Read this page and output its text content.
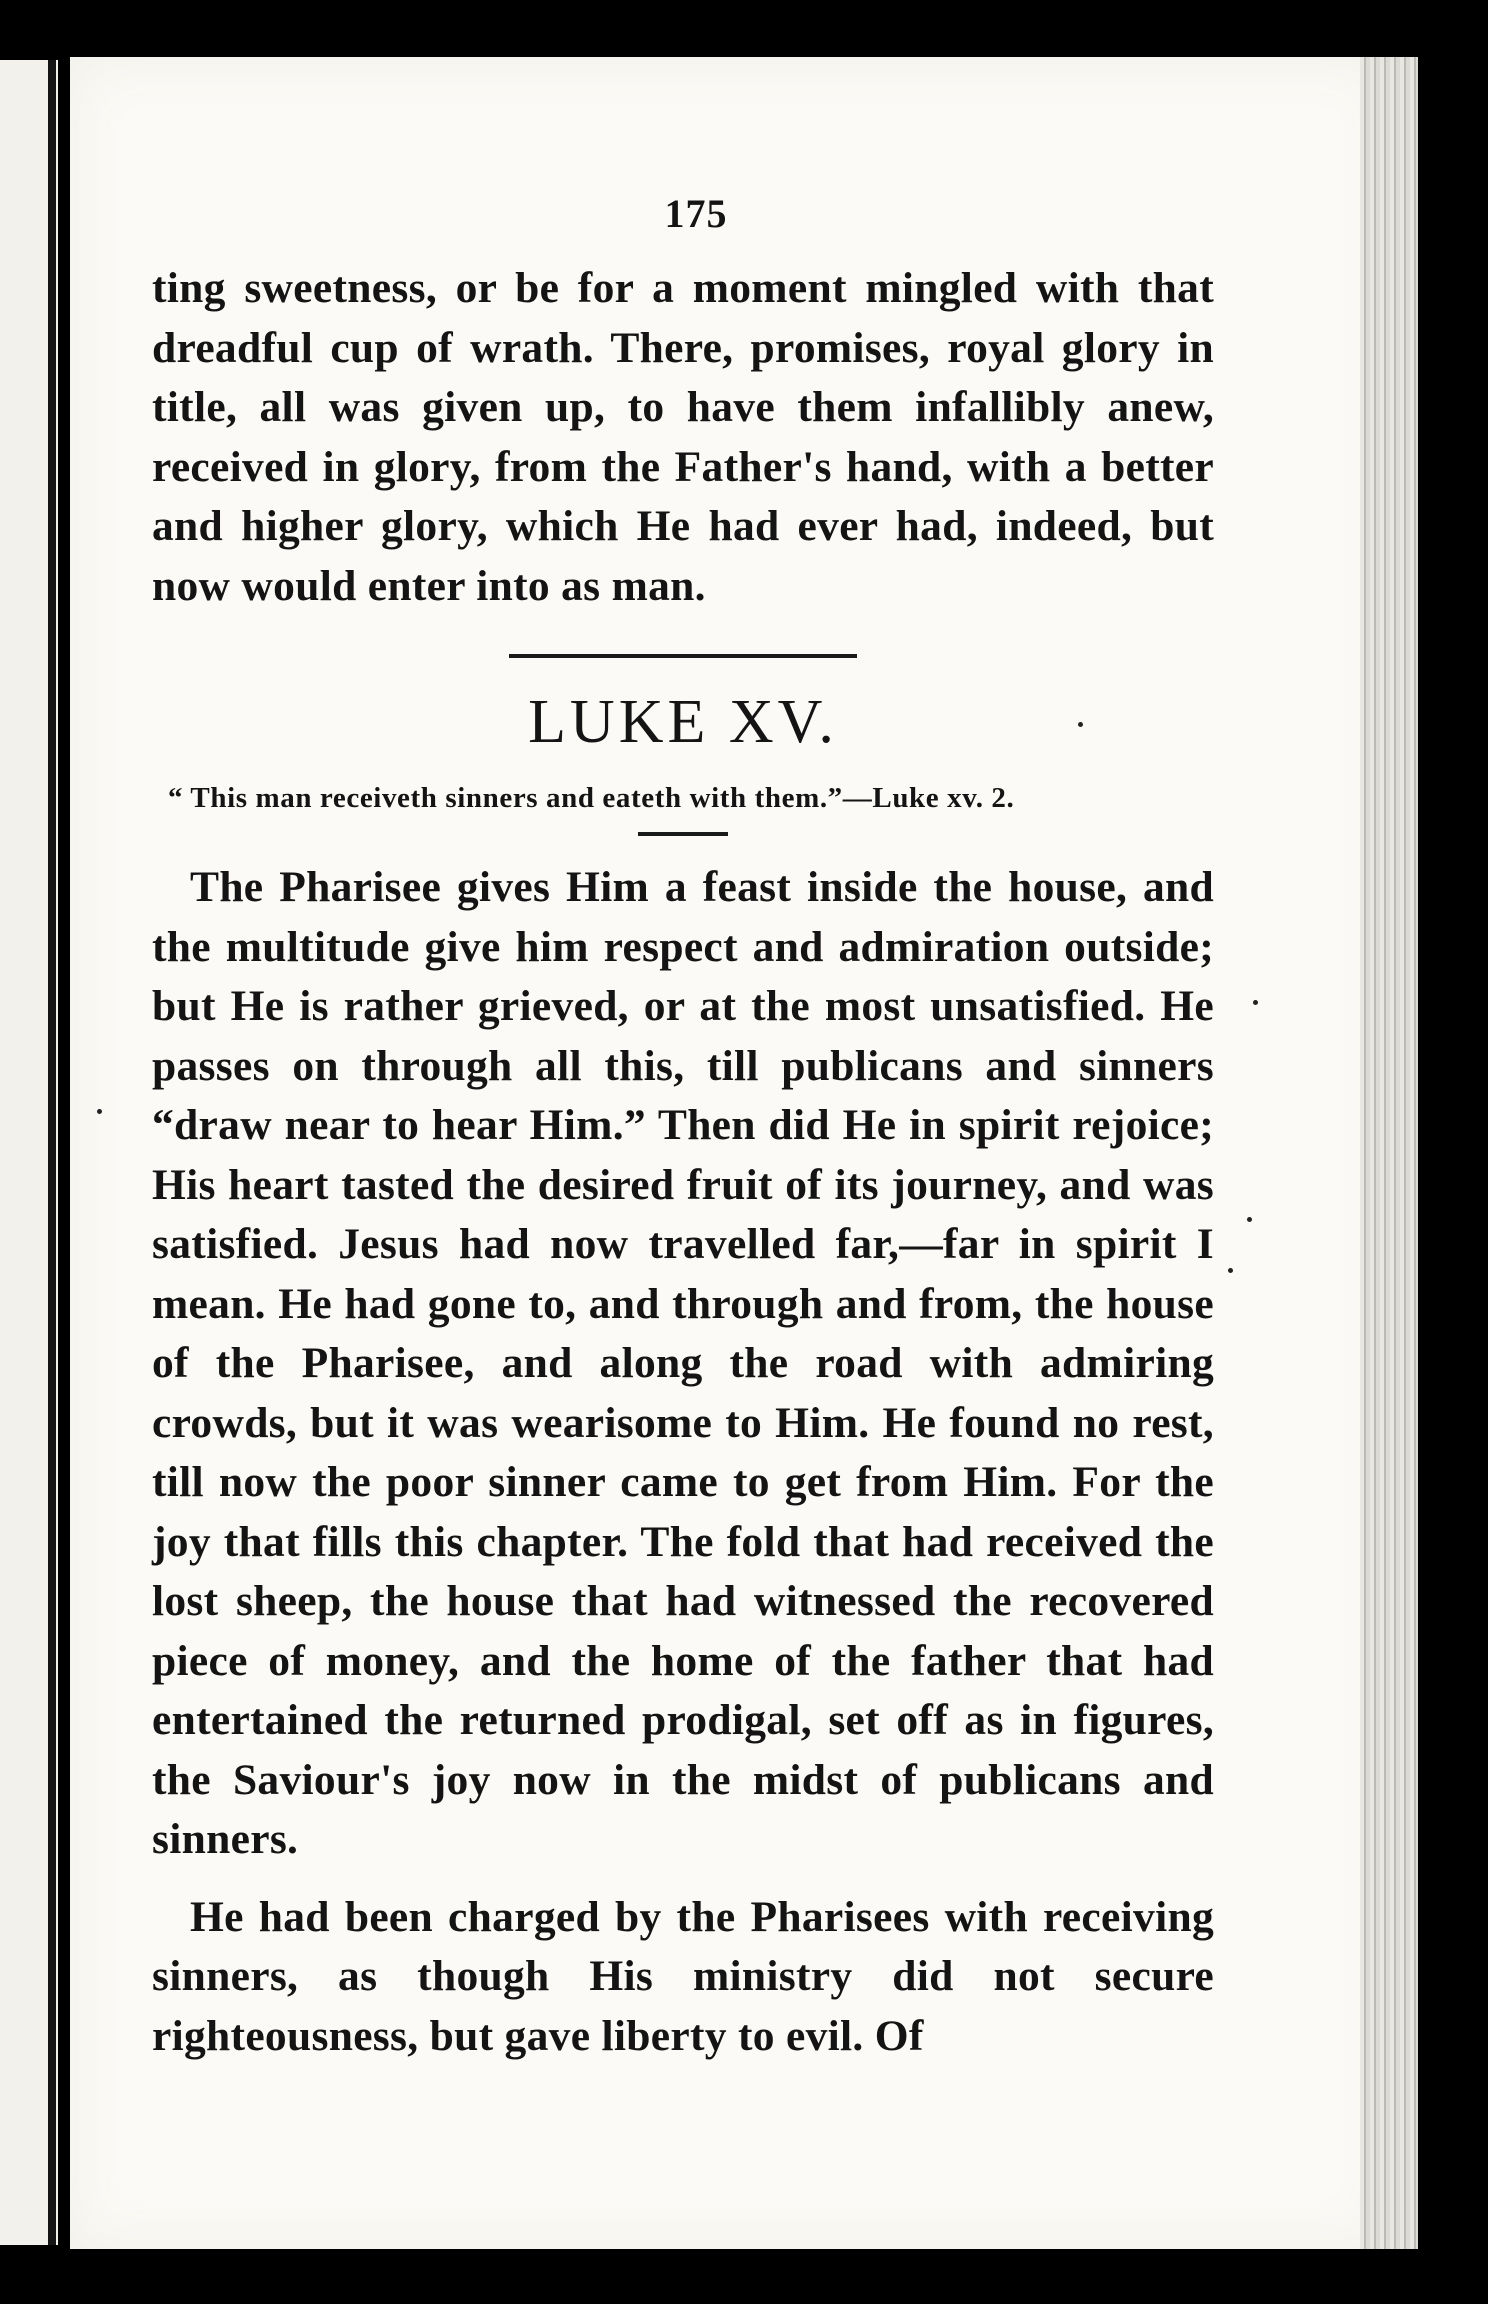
175

ting sweetness, or be for a moment mingled with that dreadful cup of wrath. There, promises, royal glory in title, all was given up, to have them infallibly anew, received in glory, from the Father's hand, with a better and higher glory, which He had ever had, indeed, but now would enter into as man.

LUKE XV.
“ This man receiveth sinners and eateth with them.”—Luke xv. 2.

The Pharisee gives Him a feast inside the house, and the multitude give him respect and admiration outside; but He is rather grieved, or at the most unsatisfied. He passes on through all this, till publicans and sinners “draw near to hear Him.” Then did He in spirit rejoice; His heart tasted the desired fruit of its journey, and was satisfied. Jesus had now travelled far,—far in spirit I mean. He had gone to, and through and from, the house of the Pharisee, and along the road with admiring crowds, but it was wearisome to Him. He found no rest, till now the poor sinner came to get from Him. For the joy that fills this chapter. The fold that had received the lost sheep, the house that had witnessed the recovered piece of money, and the home of the father that had entertained the returned prodigal, set off as in figures, the Saviour's joy now in the midst of publicans and sinners.

He had been charged by the Pharisees with receiving sinners, as though His ministry did not secure righteousness, but gave liberty to evil. Of
